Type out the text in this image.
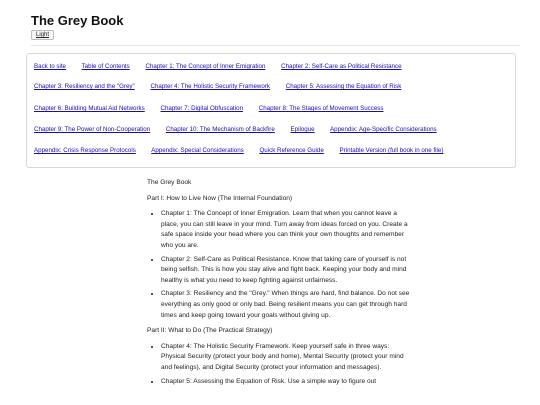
The Grey Book
Light
Back to site	Table of Contents	Chapter 1: The Concept of Inner Emigration	Chapter 2: Self-Care as Political Resistance
Chapter 3: Resiliency and the "Grey"	Chapter 4: The Holistic Security Framework	Chapter 5: Assessing the Equation of Risk
Chapter 6: Building Mutual Aid Networks	Chapter 7: Digital Obfuscation	Chapter 8: The Stages of Movement Success
Chapter 9: The Power of Non-Cooperation	Chapter 10: The Mechanism of Backfire	Epilogue Appendix: Age-Specific Considerations
Appendix: Crisis Response Protocols Appendix: Special Considerations	Quick Reference Guide	Printable Version (full book in one file)

The Grey Book

Part I: How to Live Now (The Internal Foundation)

• Chapter 1: The Concept of Inner Emigration. Learn that when you cannot leave a place, you can still leave in your mind. Turn away from ideas forced on you. Create a safe space inside your head where you can think your own thoughts and remember who you are.
• Chapter 2: Self-Care as Political Resistance. Know that taking care of yourself is not being selfish. This is how you stay alive and fight back. Keeping your body and mind healthy is what you need to keep fighting against unfairness.
• Chapter 3: Resiliency and the "Grey." When things are hard, find balance. Do not see everything as only good or only bad. Being resilient means you can get through hard times and keep going toward your goals without giving up.

Part II: What to Do (The Practical Strategy)

• Chapter 4: The Holistic Security Framework. Keep yourself safe in three ways: Physical Security (protect your body and home), Mental Security (protect your mind and feelings), and Digital Security (protect your information and messages).
• Chapter 5: Assessing the Equation of Risk. Use a simple way to figure out
